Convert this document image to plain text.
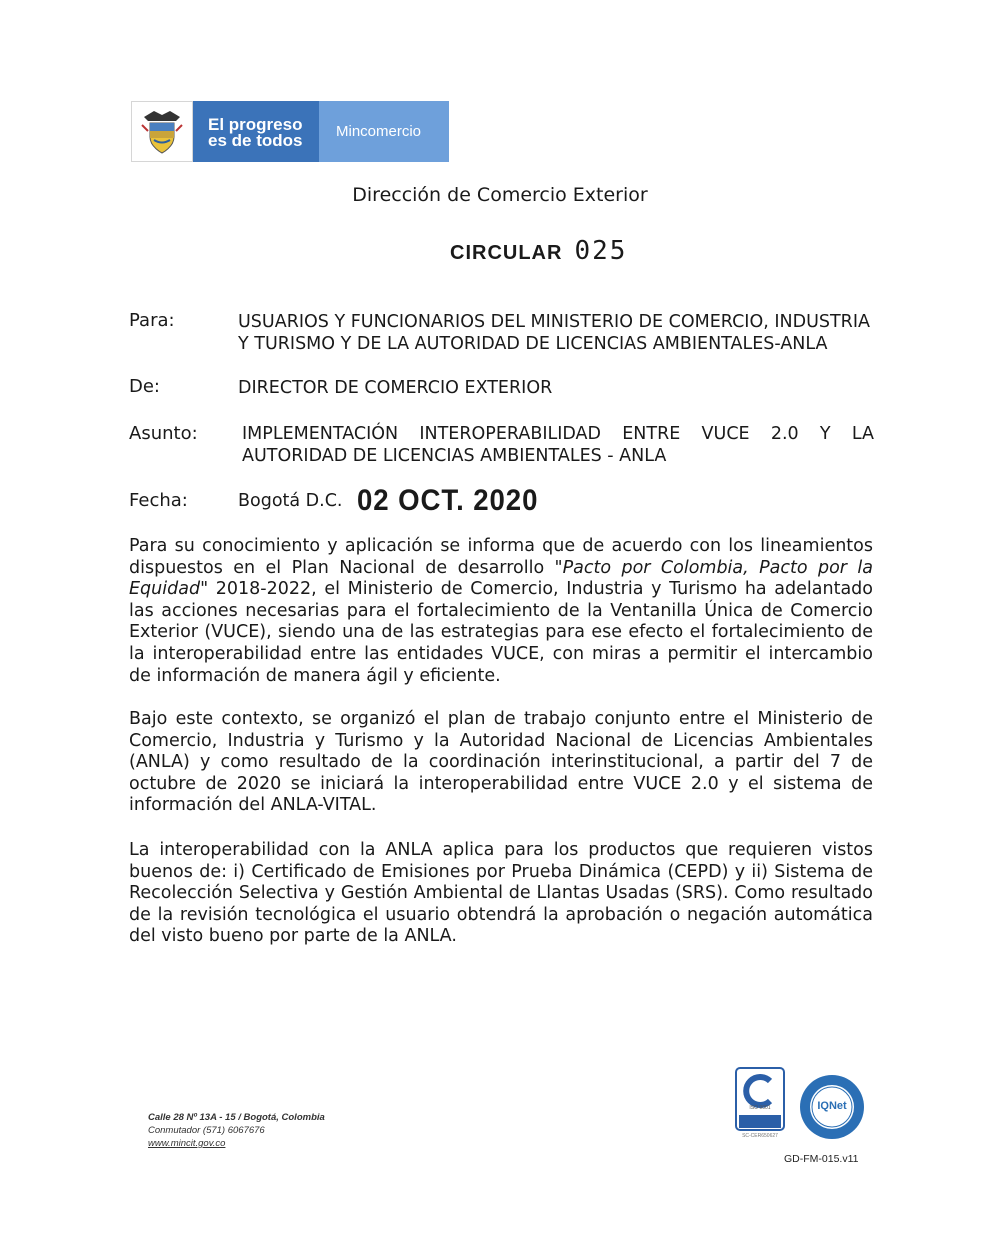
El progreso
es de todos Mincomercio
Dirección de Comercio Exterior
CIRCULAR 025
Para:	USUARIOS Y FUNCIONARIOS DEL MINISTERIO DE COMERCIO, INDUSTRIA
Y TURISMO Y DE LA AUTORIDAD DE LICENCIAS AMBIENTALES-ANLA
De:	DIRECTOR DE COMERCIO EXTERIOR
Asunto:	IMPLEMENTACIÓN INTEROPERABILIDAD ENTRE VUCE 2.0 Y LA
AUTORIDAD DE LICENCIAS AMBIENTALES - ANLA
Fecha:	Bogotá D.C. 02 OCT. 2020
Para su conocimiento y aplicación se informa que de acuerdo con los lineamientos dispuestos en el Plan Nacional de desarrollo "Pacto por Colombia, Pacto por la Equidad" 2018-2022, el Ministerio de Comercio, Industria y Turismo ha adelantado las acciones necesarias para el fortalecimiento de la Ventanilla Única de Comercio Exterior (VUCE), siendo una de las estrategias para ese efecto el fortalecimiento de la interoperabilidad entre las entidades VUCE, con miras a permitir el intercambio de información de manera ágil y eficiente.
Bajo este contexto, se organizó el plan de trabajo conjunto entre el Ministerio de Comercio, Industria y Turismo y la Autoridad Nacional de Licencias Ambientales (ANLA) y como resultado de la coordinación interinstitucional, a partir del 7 de octubre de 2020 se iniciará la interoperabilidad entre VUCE 2.0 y el sistema de información del ANLA-VITAL.
La interoperabilidad con la ANLA aplica para los productos que requieren vistos buenos de: i) Certificado de Emisiones por Prueba Dinámica (CEPD) y ii) Sistema de Recolección Selectiva y Gestión Ambiental de Llantas Usadas (SRS). Como resultado de la revisión tecnológica el usuario obtendrá la aprobación o negación automática del visto bueno por parte de la ANLA.
Calle 28 Nº 13A - 15 / Bogotá, Colombia
Conmutador (571) 6067676
www.mincit.gov.co
ISO 9001
SC-CER650627
IQNet
GD-FM-015.v11
